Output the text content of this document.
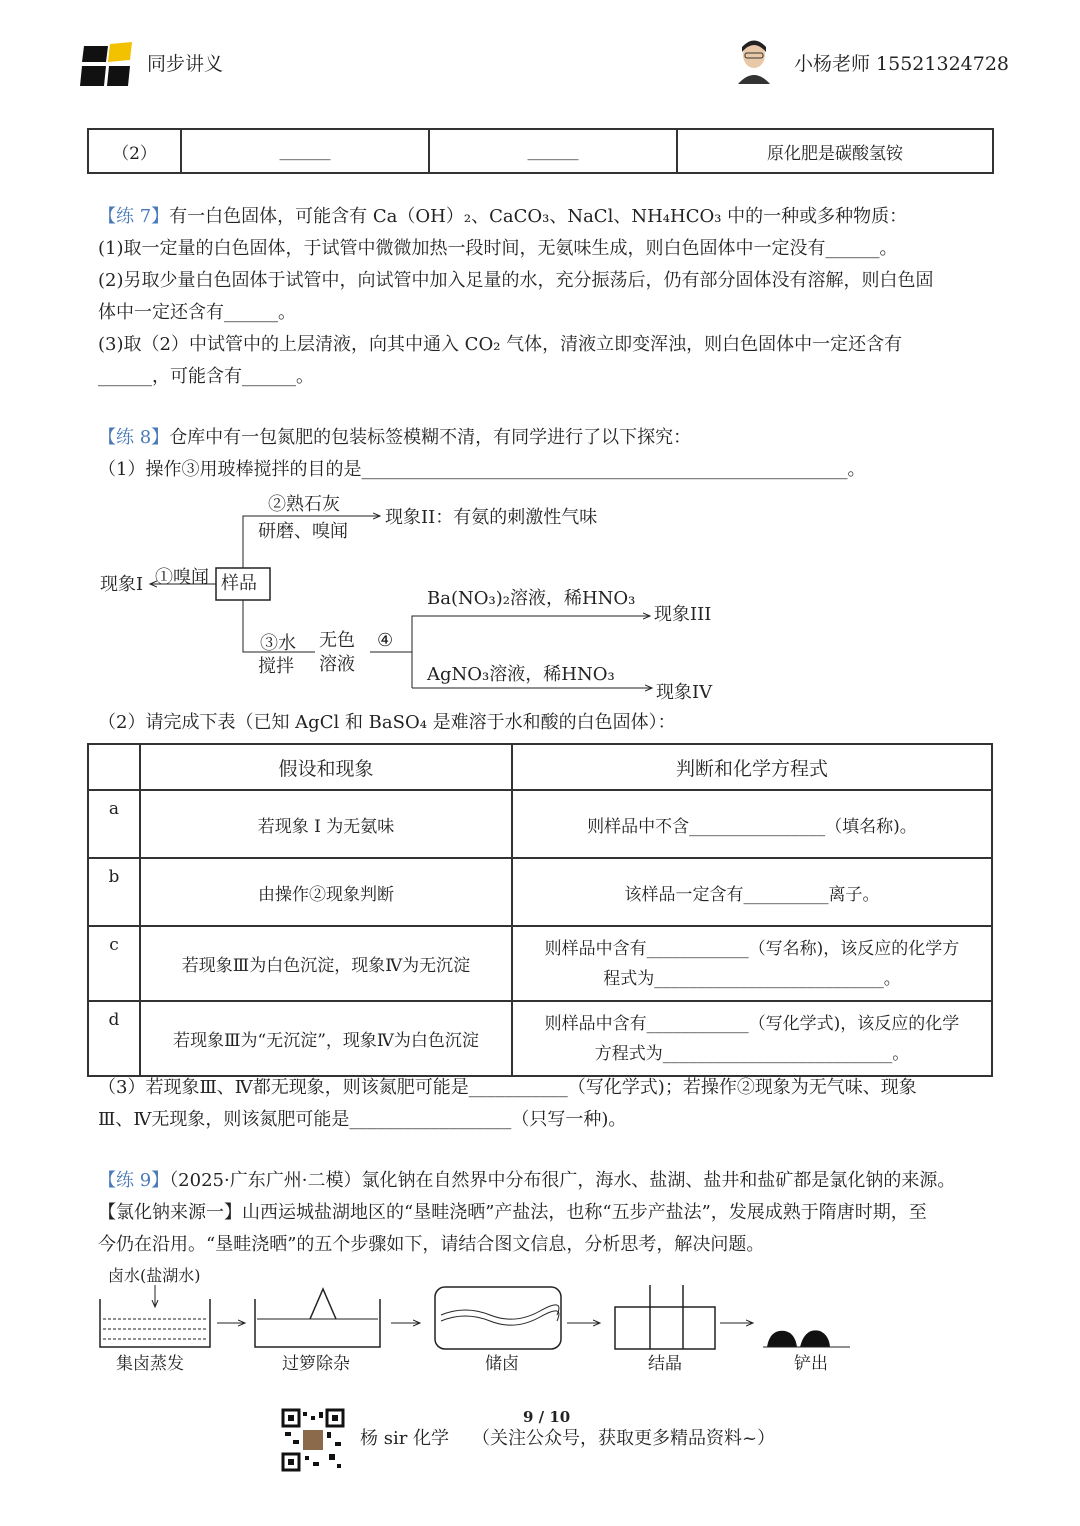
同步讲义	小杨老师 15521324728
（2）	______	______	原化肥是碳酸氢铵
【练 7】有一白色固体，可能含有 Ca（OH）₂、CaCO₃、NaCl、NH₄HCO₃ 中的一种或多种物质：
(1)取一定量的白色固体，于试管中微微加热一段时间，无氨味生成，则白色固体中一定没有______。
(2)另取少量白色固体于试管中，向试管中加入足量的水，充分振荡后，仍有部分固体没有溶解，则白色固
体中一定还含有______。
(3)取（2）中试管中的上层清液，向其中通入 CO₂ 气体，清液立即变浑浊，则白色固体中一定还含有
______，可能含有______。
【练 8】仓库中有一包氮肥的包装标签模糊不清，有同学进行了以下探究：
（1）操作③用玻棒搅拌的目的是______________________________________________________。
②熟石灰
研磨、嗅闻
现象II：有氨的刺激性气味
①嗅闻
现象I	样品
③水
搅拌
无色
溶液
④
Ba(NO₃)₂溶液，稀HNO₃
现象III
AgNO₃溶液，稀HNO₃
现象IV
（2）请完成下表（已知 AgCl 和 BaSO₄ 是难溶于水和酸的白色固体）：
	假设和现象	判断和化学方程式
a	若现象 I 为无氨味	则样品中不含________________（填名称)。
b	由操作②现象判断	该样品一定含有__________离子。
c	若现象Ⅲ为白色沉淀，现象Ⅳ为无沉淀	则样品中含有____________（写名称)，该反应的化学方
程式为___________________________。

d	若现象Ⅲ为“无沉淀”，现象Ⅳ为白色沉淀	则样品中含有____________（写化学式)，该反应的化学
方程式为___________________________。
（3）若现象Ⅲ、Ⅳ都无现象，则该氮肥可能是___________（写化学式)；若操作②现象为无气味、现象
Ⅲ、Ⅳ无现象，则该氮肥可能是__________________（只写一种)。
【练 9】（2025·广东广州·二模）氯化钠在自然界中分布很广，海水、盐湖、盐井和盐矿都是氯化钠的来源。
【氯化钠来源一】山西运城盐湖地区的“垦畦浇晒”产盐法，也称“五步产盐法”，发展成熟于隋唐时期，至
今仍在沿用。“垦畦浇晒”的五个步骤如下，请结合图文信息，分析思考，解决问题。
卤水(盐湖水)
集卤蒸发	过箩除杂	储卤	结晶	铲出
9 / 10
杨 sir 化学 （关注公众号，获取更多精品资料~）
